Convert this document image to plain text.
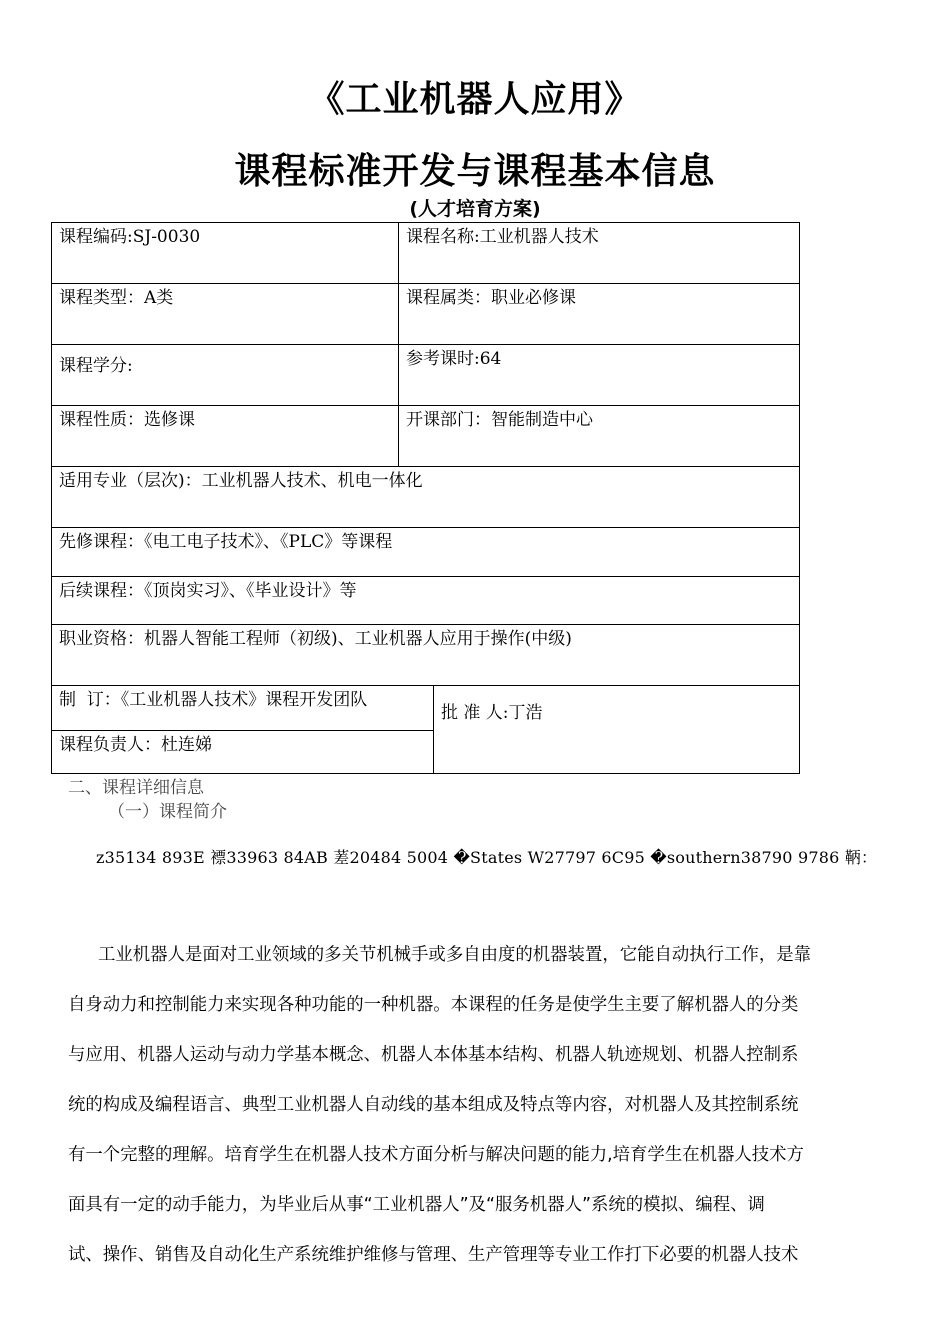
《工业机器人应用》
课程标准开发与课程基本信息
(人才培育方案)
课程编码:SJ-0030	课程名称:工业机器人技术
课程类型：A类	课程属类：职业必修课
课程学分:	参考课时:64
课程性质：选修课	开课部门：智能制造中心
适用专业（层次)：工业机器人技术、机电一体化
先修课程：《电工电子技术》、《PLC》等课程
后续课程：《顶岗实习》、《毕业设计》等
职业资格：机器人智能工程师（初级)、工业机器人应用于操作(中级)
制  订：《工业机器人技术》课程开发团队
批 准 人:丁浩
课程负责人：杜连娣
二、课程详细信息
（一）课程简介
z35134 893E 褾33963 84AB 蒫20484 5004 �States W27797 6C95 �southern38790 9786 鞆：
工业机器人是面对工业领域的多关节机械手或多自由度的机器装置，它能自动执行工作，是靠
自身动力和控制能力来实现各种功能的一种机器。本课程的任务是使学生主要了解机器人的分类
与应用、机器人运动与动力学基本概念、机器人本体基本结构、机器人轨迹规划、机器人控制系
统的构成及编程语言、典型工业机器人自动线的基本组成及特点等内容，对机器人及其控制系统
有一个完整的理解。培育学生在机器人技术方面分析与解决问题的能力,培育学生在机器人技术方
面具有一定的动手能力，为毕业后从事“工业机器人”及“服务机器人”系统的模拟、编程、调
试、操作、销售及自动化生产系统维护维修与管理、生产管理等专业工作打下必要的机器人技术
